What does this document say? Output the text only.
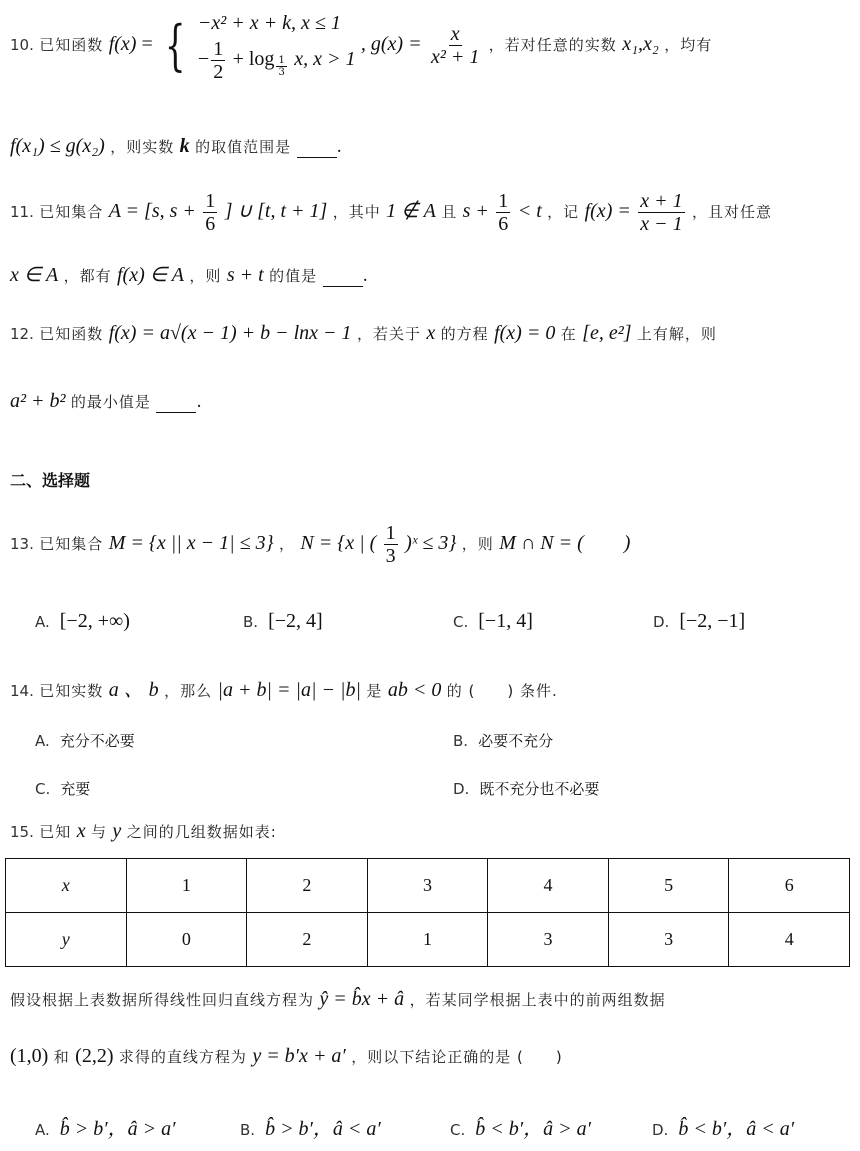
10. 已知函数 f(x) = { −x² + x + k, x ≤ 1
− $\frac{1}{2} + \log _{\frac{1}{3}}$ x, x > 1
, $g(x) = \frac{x}{\text{x² + 1}}$ ，若对任意的实数 x₁,x₂ ，均有
f(x₁) ≤ g(x₂) ，则实数 k 的取值范围是	.
11. 已知集合 A = [s, $s + \frac{1}{6}$ ] ∪ [t, t + 1] ，其中 1 ∉ A 且 $s + \frac{1}{6} < t$ ，记 $f(x) = \frac{x + 1}{x - 1}$ ，且对任意
x ∈ A ，都有 f(x) ∈ A ，则 s + t 的值是	.
12. 已知函数 f(x) = a√(x − 1) + b − lnx − 1 ，若关于 x 的方程 f(x) = 0 在 [e, e²] 上有解，则
a² + b² 的最小值是	.
二、选择题
13. 已知集合 M = {x || x − 1| ≤ 3} ， N = {x | ( $\frac{1}{3}$ )ˣ ≤ 3} ，则 M ∩ N = (　　)
A. [−2, +∞)	B. [−2, 4]	C. [−1, 4]	D. [−2, −1]
14. 已知实数 a 、 b ，那么 |a + b| = |a| − |b| 是 ab < 0 的 (　　) 条件.
A. 充分不必要	B. 必要不充分
C. 充要	D. 既不充分也不必要
15. 已知 x 与 y 之间的几组数据如表:
x	1	2	3	4	5	6
y	0	2	1	3	3	4
假设根据上表数据所得线性回归直线方程为 ŷ = b̂x + â ，若某同学根据上表中的前两组数据
(1,0) 和 (2,2) 求得的直线方程为 y = b′x + a′ ，则以下结论正确的是 (　　)
A. b̂ > b′，â > a′	B. b̂ > b′，â < a′	C. b̂ < b′，â > a′	D. b̂ < b′，â < a′
